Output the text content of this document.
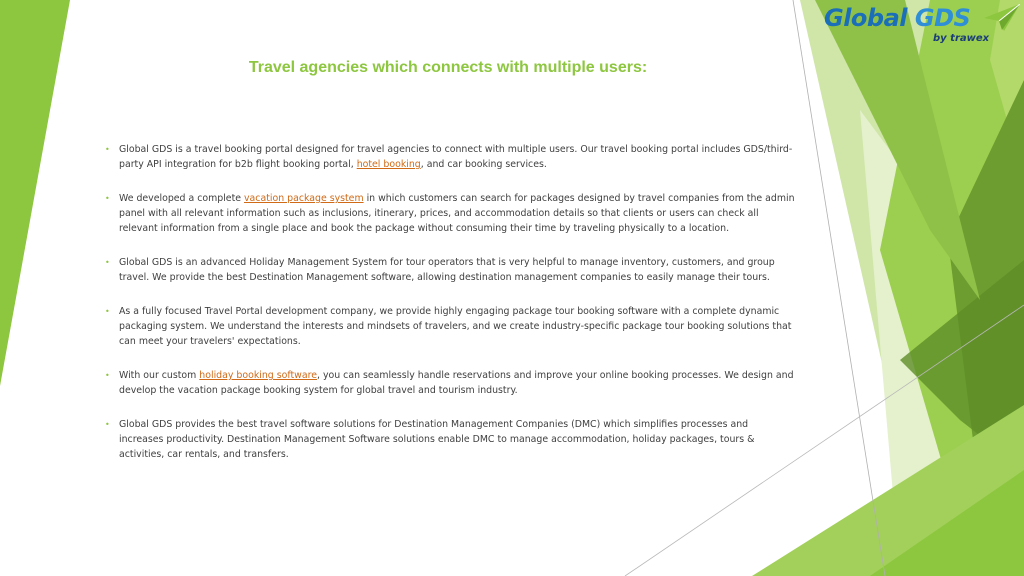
Global GDS
by trawex
Travel agencies which connects with multiple users:
• Global GDS is a travel booking portal designed for travel agencies to connect with multiple users. Our travel booking portal includes GDS/third-party API integration for b2b flight booking portal, hotel booking, and car booking services.
• We developed a complete vacation package system in which customers can search for packages designed by travel companies from the admin panel with all relevant information such as inclusions, itinerary, prices, and accommodation details so that clients or users can check all relevant information from a single place and book the package without consuming their time by traveling physically to a location.
• Global GDS is an advanced Holiday Management System for tour operators that is very helpful to manage inventory, customers, and group travel. We provide the best Destination Management software, allowing destination management companies to easily manage their tours.
• As a fully focused Travel Portal development company, we provide highly engaging package tour booking software with a complete dynamic packaging system. We understand the interests and mindsets of travelers, and we create industry-specific package tour booking solutions that can meet your travelers' expectations.
• With our custom holiday booking software, you can seamlessly handle reservations and improve your online booking processes. We design and develop the vacation package booking system for global travel and tourism industry.
• Global GDS provides the best travel software solutions for Destination Management Companies (DMC) which simplifies processes and increases productivity. Destination Management Software solutions enable DMC to manage accommodation, holiday packages, tours & activities, car rentals, and transfers.
